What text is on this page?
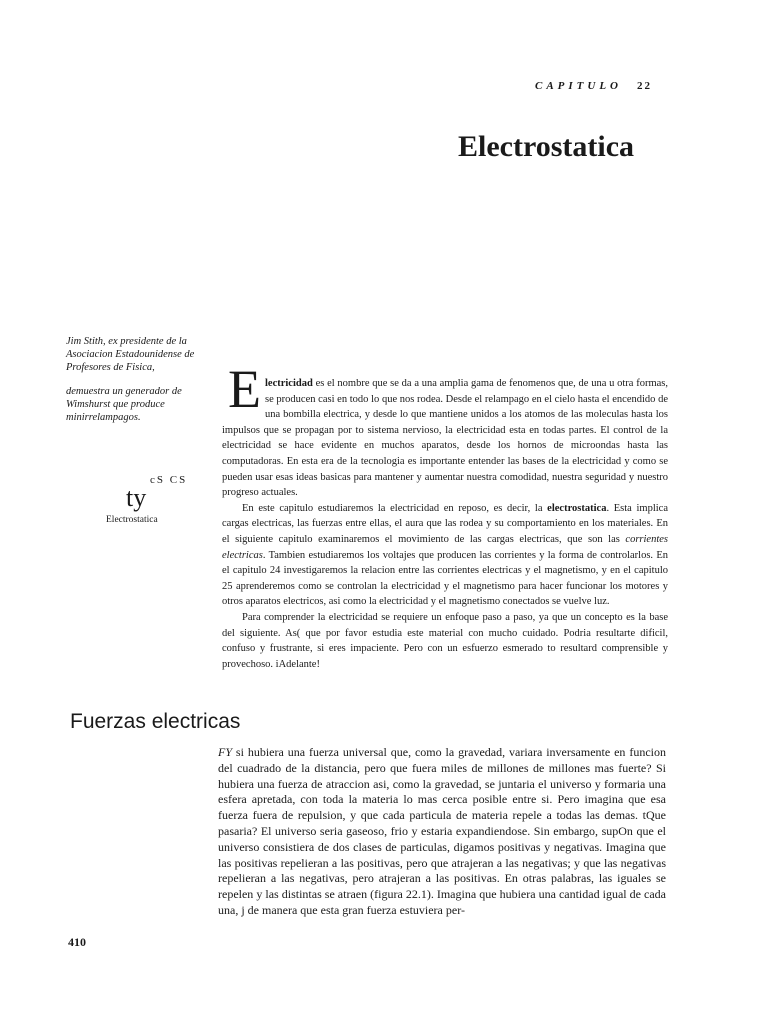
CAPITULO 22
Electrostatica

Jim Stith, ex presidente de la Asociacion Estadounidense de Profesores de Fisica,

demuestra un generador de Wimshurst que produce minirrelampagos.

cS CS
ty
Electrostatica

Electricidad es el nombre que se da a una amplia gama de fenomenos que, de una u otra formas, se producen casi en todo lo que nos rodea. Desde el relampago en el cielo hasta el encendido de una bombilla electrica, y desde lo que mantiene unidos a los atomos de las moleculas hasta los impulsos que se propagan por to sistema nervioso, la electricidad esta en todas partes. El control de la electricidad se hace evidente en muchos aparatos, desde los hornos de microondas hasta las computadoras. En esta era de la tecnologia es importante entender las bases de la electricidad y como se pueden usar esas ideas basicas para mantener y aumentar nuestra comodidad, nuestra seguridad y nuestro progreso actuales.

En este capitulo estudiaremos la electricidad en reposo, es decir, la electrostatica. Esta implica cargas electricas, las fuerzas entre ellas, el aura que las rodea y su comportamiento en los materiales. En el siguiente capitulo examinaremos el movimiento de las cargas electricas, que son las corrientes electricas. Tambien estudiaremos los voltajes que producen las corrientes y la forma de controlarlos. En el capitulo 24 investigaremos la relacion entre las corrientes electricas y el magnetismo, y en el capitulo 25 aprenderemos como se controlan la electricidad y el magnetismo para hacer funcionar los motores y otros aparatos electricos, asi como la electricidad y el magnetismo conectados se vuelve luz.

Para comprender la electricidad se requiere un enfoque paso a paso, ya que un concepto es la base del siguiente. As( que por favor estudia este material con mucho cuidado. Podria resultarte dificil, confuso y frustrante, si eres impaciente. Pero con un esfuerzo esmerado to resultard comprensible y provechoso. iAdelante!

Fuerzas electricas

FY si hubiera una fuerza universal que, como la gravedad, variara inversamente en funcion del cuadrado de la distancia, pero que fuera miles de millones de millones mas fuerte? Si hubiera una fuerza de atraccion asi, como la gravedad, se juntaria el universo y formaria una esfera apretada, con toda la materia lo mas cerca posible entre si. Pero imagina que esa fuerza fuera de repulsion, y que cada particula de materia repele a todas las demas. tQue pasaria? El universo seria gaseoso, frio y estaria expandiendose. Sin embargo, supOn que el universo consistiera de dos clases de particulas, digamos positivas y negativas. Imagina que las positivas repelieran a las positivas, pero que atrajeran a las negativas; y que las negativas repelieran a las negativas, pero atrajeran a las positivas. En otras palabras, las iguales se repelen y las distintas se atraen (figura 22.1). Imagina que hubiera una cantidad igual de cada una, j de manera que esta gran fuerza estuviera per-

410
